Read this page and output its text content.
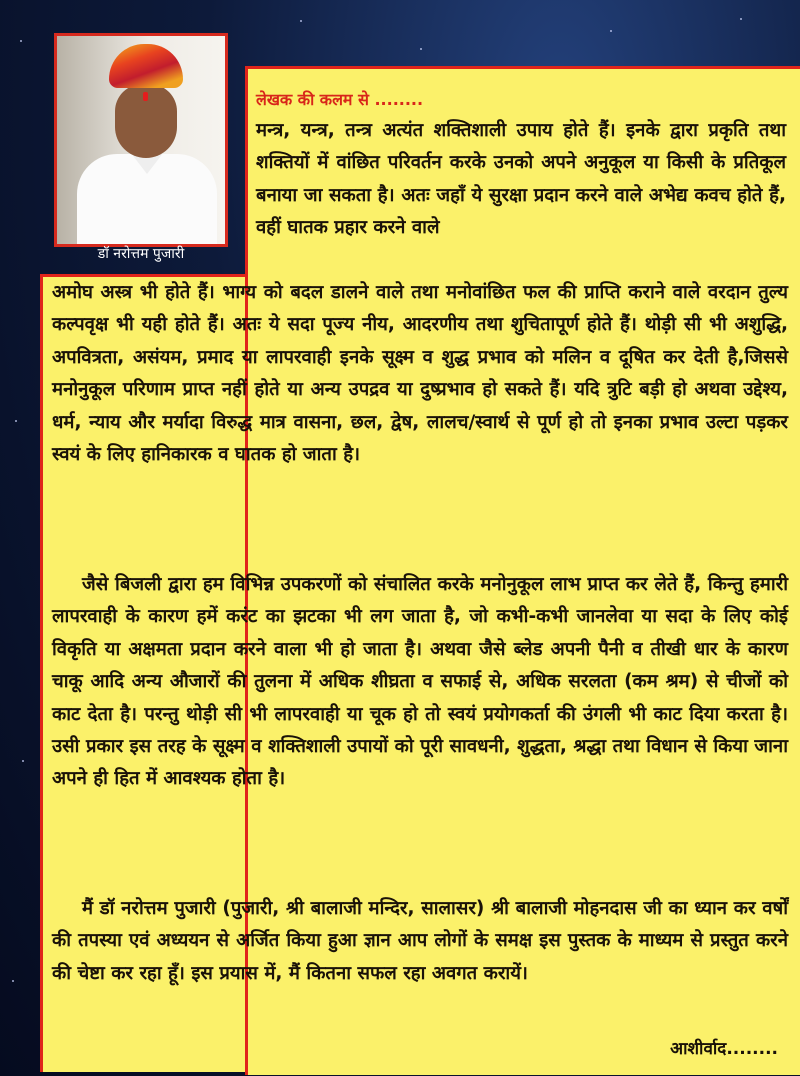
डॉ नरोत्तम पुजारी
लेखक की कलम से ........

मन्त्र, यन्त्र, तन्त्र अत्यंत शक्तिशाली उपाय होते हैं। इनके द्वारा प्रकृति तथा शक्तियों में वांछित परिवर्तन करके उनको अपने अनुकूल या किसी के प्रतिकूल बनाया जा सकता है। अतः जहाँ ये सुरक्षा प्रदान करने वाले अभेद्य कवच होते हैं, वहीं घातक प्रहार करने वाले

अमोघ अस्त्र भी होते हैं। भाग्य को बदल डालने वाले तथा मनोवांछित फल की प्राप्ति कराने वाले वरदान तुल्य कल्पवृक्ष भी यही होते हैं। अतः ये सदा पूज्य नीय, आदरणीय तथा शुचितापूर्ण होते हैं। थोड़ी सी भी अशुद्धि, अपवित्रता, असंयम, प्रमाद या लापरवाही इनके सूक्ष्म व शुद्ध प्रभाव को मलिन व दूषित कर देती है,जिससे मनोनुकूल परिणाम प्राप्त नहीं होते या अन्य उपद्रव या दुष्प्रभाव हो सकते हैं। यदि त्रुटि बड़ी हो अथवा उद्देश्य, धर्म, न्याय और मर्यादा विरुद्ध मात्र वासना, छल, द्वेष, लालच/स्वार्थ से पूर्ण हो तो इनका प्रभाव उल्टा पड़कर स्वयं के लिए हानिकारक व घातक हो जाता है।

जैसे बिजली द्वारा हम विभिन्न उपकरणों को संचालित करके मनोनुकूल लाभ प्राप्त कर लेते हैं, किन्तु हमारी लापरवाही के कारण हमें करंट का झटका भी लग जाता है, जो कभी-कभी जानलेवा या सदा के लिए कोई विकृति या अक्षमता प्रदान करने वाला भी हो जाता है। अथवा जैसे ब्लेड अपनी पैनी व तीखी धार के कारण चाकू आदि अन्य औजारों की तुलना में अधिक शीघ्रता व सफाई से, अधिक सरलता (कम श्रम) से चीजों को काट देता है। परन्तु थोड़ी सी भी लापरवाही या चूक हो तो स्वयं प्रयोगकर्ता की उंगली भी काट दिया करता है। उसी प्रकार इस तरह के सूक्ष्म व शक्तिशाली उपायों को पूरी सावधनी, शुद्धता, श्रद्धा तथा विधान से किया जाना अपने ही हित में आवश्यक होता है।

मैं डॉ नरोत्तम पुजारी (पुजारी, श्री बालाजी मन्दिर, सालासर) श्री बालाजी मोहनदास जी का ध्यान कर वर्षों की तपस्या एवं अध्ययन से अर्जित किया हुआ ज्ञान आप लोगों के समक्ष इस पुस्तक के माध्यम से प्रस्तुत करने की चेष्टा कर रहा हूँ। इस प्रयास में, मैं कितना सफल रहा अवगत करायें।

आशीर्वाद........
